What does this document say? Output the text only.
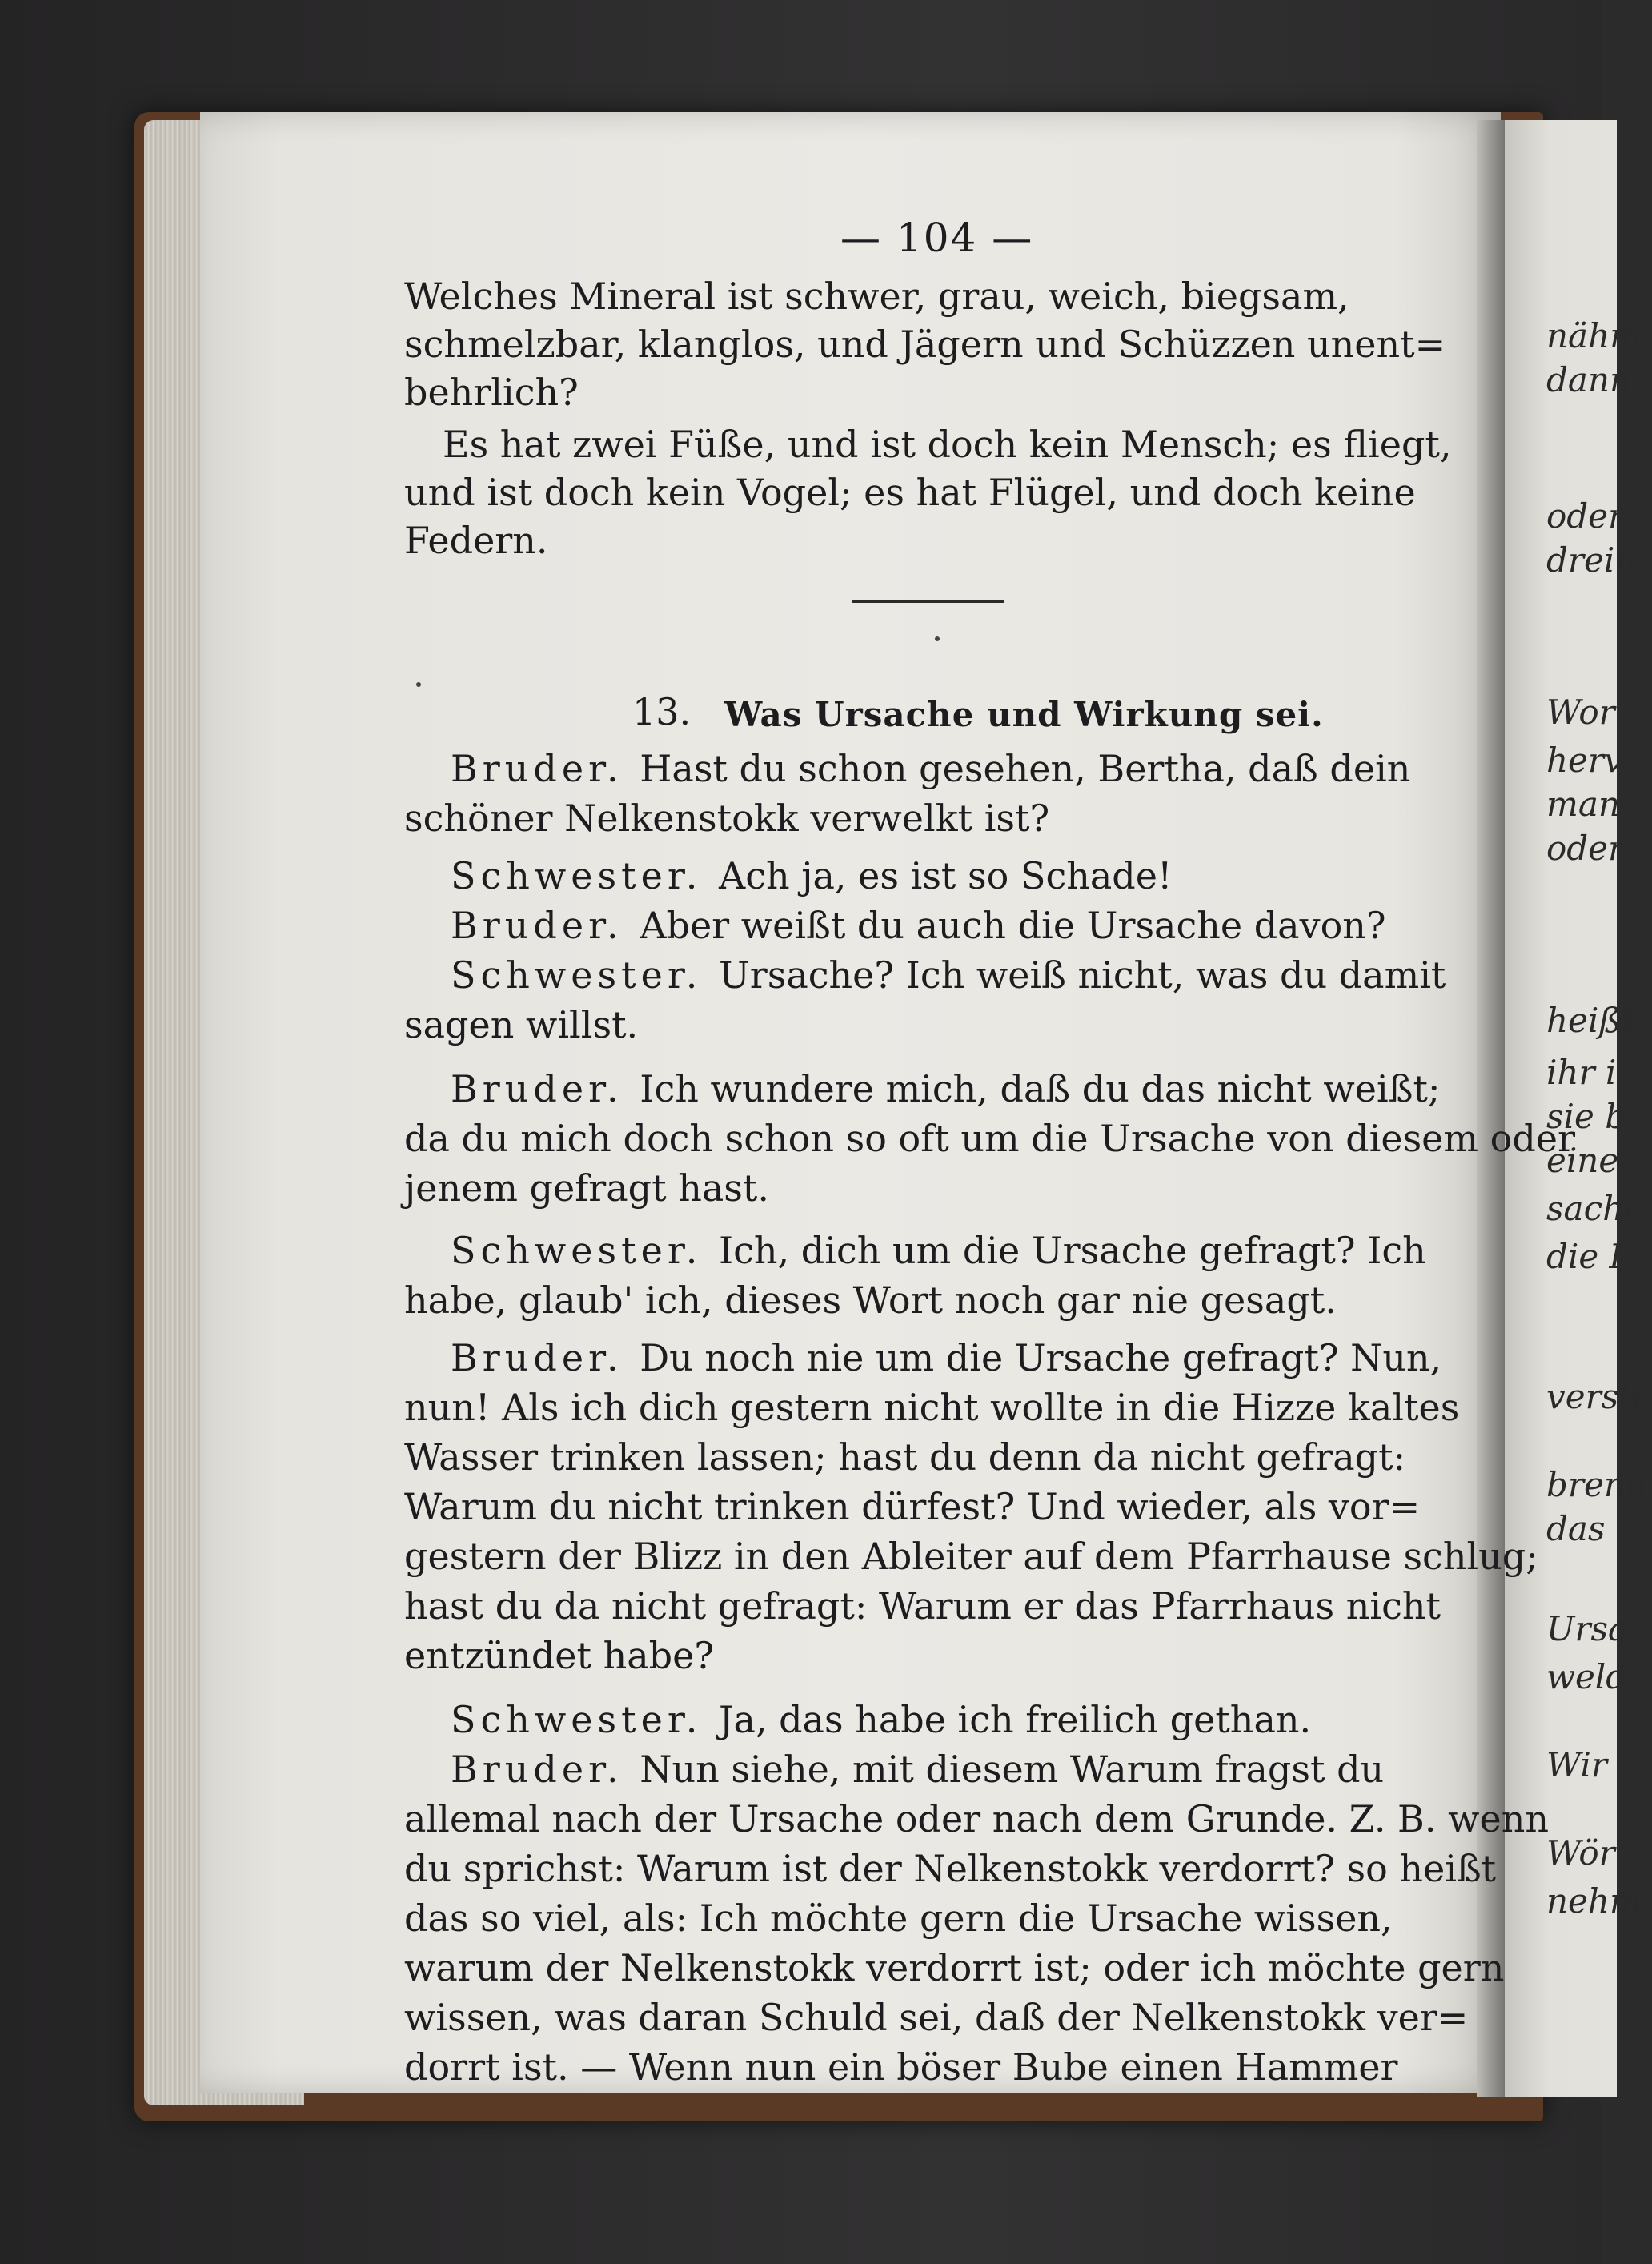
nähm
dann
oder
drein
Wor
herv
man
oder
heißt
ihr i
sie b
eine
sache
die L
verste
brenn
das
Ursa
weld
Wir
Wör
nehm
— 104 —
Welches Mineral ist schwer, grau, weich, biegsam,
schmelzbar, klanglos, und Jägern und Schüzzen unent=
behrlich?
Es hat zwei Füße, und ist doch kein Mensch; es fliegt,
und ist doch kein Vogel; es hat Flügel, und doch keine
Federn.
13. Was Ursache und Wirkung sei.
Bruder. Hast du schon gesehen, Bertha, daß dein
schöner Nelkenstokk verwelkt ist?
Schwester. Ach ja, es ist so Schade!
Bruder. Aber weißt du auch die Ursache davon?
Schwester. Ursache? Ich weiß nicht, was du damit
sagen willst.
Bruder. Ich wundere mich, daß du das nicht weißt;
da du mich doch schon so oft um die Ursache von diesem oder
jenem gefragt hast.
Schwester. Ich, dich um die Ursache gefragt? Ich
habe, glaub' ich, dieses Wort noch gar nie gesagt.
Bruder. Du noch nie um die Ursache gefragt? Nun,
nun! Als ich dich gestern nicht wollte in die Hizze kaltes
Wasser trinken lassen; hast du denn da nicht gefragt:
Warum du nicht trinken dürfest? Und wieder, als vor=
gestern der Blizz in den Ableiter auf dem Pfarrhause schlug;
hast du da nicht gefragt: Warum er das Pfarrhaus nicht
entzündet habe?
Schwester. Ja, das habe ich freilich gethan.
Bruder. Nun siehe, mit diesem Warum fragst du
allemal nach der Ursache oder nach dem Grunde. Z. B. wenn
du sprichst: Warum ist der Nelkenstokk verdorrt? so heißt
das so viel, als: Ich möchte gern die Ursache wissen,
warum der Nelkenstokk verdorrt ist; oder ich möchte gern
wissen, was daran Schuld sei, daß der Nelkenstokk ver=
dorrt ist. — Wenn nun ein böser Bube einen Hammer
